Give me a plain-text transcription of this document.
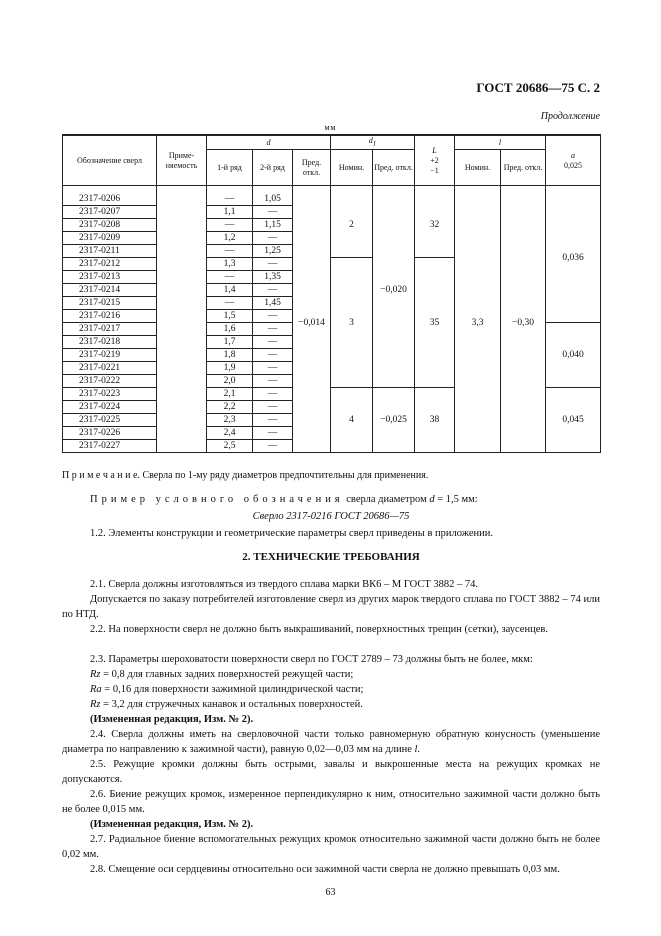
ГОСТ 20686—75 С. 2
Продолжение
мм
Обозначение сверл	Приме-няемость	d			$d_1$		L
+2
−1	l		a
0,025
		1-й ряд	2-й ряд	Пред. откл.	Номин.	Пред. откл.		Номин.	Пред. откл.	

2317-0206		—	1,05	−0,014	2	−0,020	32	3,3	−0,30	0,036
2317-0207		1,1	—							
2317-0208		—	1,15							
2317-0209		1,2	—							
2317-0211		—	1,25							
2317-0212		1,3	—		3		35			
2317-0213		—	1,35							
2317-0214		1,4	—							
2317-0215		—	1,45							
2317-0216		1,5	—							
2317-0217		1,6	—							0,040
2317-0218		1,7	—							
2317-0219		1,8	—							
2317-0221		1,9	—							
2317-0222		2,0	—							
2317-0223		2,1	—		4	−0,025	38			0,045
2317-0224		2,2	—							
2317-0225		2,3	—							
2317-0226		2,4	—							
2317-0227		2,5	—							
П р и м е ч а н и е. Сверла по 1-му ряду диаметров предпочтительны для применения.
Пример условного обозначения сверла диаметром d = 1,5 мм:
Сверло 2317-0216 ГОСТ 20686—75
1.2. Элементы конструкции и геометрические параметры сверл приведены в приложении.
2. ТЕХНИЧЕСКИЕ ТРЕБОВАНИЯ
2.1. Сверла должны изготовляться из твердого сплава марки ВК6 – М ГОСТ 3882 – 74.
Допускается по заказу потребителей изготовление сверл из других марок твердого сплава по ГОСТ 3882 – 74 или по НТД.
2.2. На поверхности сверл не должно быть выкрашиваний, поверхностных трещин (сетки), заусенцев.
2.3. Параметры шероховатости поверхности сверл по ГОСТ 2789 – 73 должны быть не более, мкм:
Rz = 0,8 для главных задних поверхностей режущей части;
Ra = 0,16 для поверхности зажимной цилиндрической части;
Rz = 3,2 для стружечных канавок и остальных поверхностей.
(Измененная редакция, Изм. № 2).
2.4. Сверла должны иметь на сверловочной части только равномерную обратную конусность (уменьшение диаметра по направлению к зажимной части), равную 0,02—0,03 мм на длине l.
2.5. Режущие кромки должны быть острыми, завалы и выкрошенные места на режущих кромках не допускаются.
2.6. Биение режущих кромок, измеренное перпендикулярно к ним, относительно зажимной части должно быть не более 0,015 мм.
(Измененная редакция, Изм. № 2).
2.7. Радиальное биение вспомогательных режущих кромок относительно зажимной части должно быть не более 0,02 мм.
2.8. Смещение оси сердцевины относительно оси зажимной части сверла не должно превышать 0,03 мм.
63
